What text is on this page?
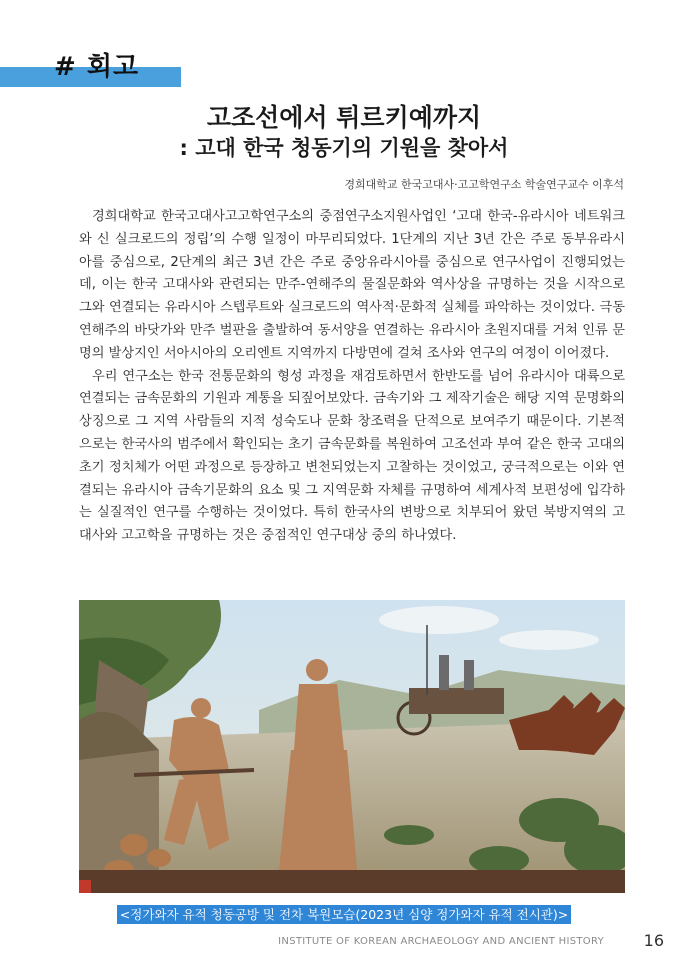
# 회고
고조선에서 튀르키예까지
: 고대 한국 청동기의 기원을 찾아서
경희대학교 한국고대사·고고학연구소 학술연구교수 이후석

경희대학교 한국고대사고고학연구소의 중점연구소지원사업인 ‘고대 한국-유라시아 네트워크와 신 실크로드의 정립’의 수행 일정이 마무리되었다. 1단계의 지난 3년 간은 주로 동부유라시아를 중심으로, 2단계의 최근 3년 간은 주로 중앙유라시아를 중심으로 연구사업이 진행되었는데, 이는 한국 고대사와 관련되는 만주-연해주의 물질문화와 역사상을 규명하는 것을 시작으로 그와 연결되는 유라시아 스텝루트와 실크로드의 역사적·문화적 실체를 파악하는 것이었다. 극동 연해주의 바닷가와 만주 벌판을 출발하여 동서양을 연결하는 유라시아 초원지대를 거쳐 인류 문명의 발상지인 서아시아의 오리엔트 지역까지 다방면에 걸쳐 조사와 연구의 여정이 이어졌다.

우리 연구소는 한국 전통문화의 형성 과정을 재검토하면서 한반도를 넘어 유라시아 대륙으로 연결되는 금속문화의 기원과 계통을 되짚어보았다. 금속기와 그 제작기술은 해당 지역 문명화의 상징으로 그 지역 사람들의 지적 성숙도나 문화 창조력을 단적으로 보여주기 때문이다. 기본적으로는 한국사의 범주에서 확인되는 초기 금속문화를 복원하여 고조선과 부여 같은 한국 고대의 초기 정치체가 어떤 과정으로 등장하고 변천되었는지 고찰하는 것이었고, 궁극적으로는 이와 연결되는 유라시아 금속기문화의 요소 및 그 지역문화 자체를 규명하여 세계사적 보편성에 입각하는 실질적인 연구를 수행하는 것이었다. 특히 한국사의 변방으로 치부되어 왔던 북방지역의 고대사와 고고학을 규명하는 것은 중점적인 연구대상 중의 하나였다.

<정가와자 유적 청동공방 및 전차 복원모습(2023년 심양 정가와자 유적 전시관)>
INSTITUTE OF KOREAN ARCHAEOLOGY AND ANCIENT HISTORY 16
